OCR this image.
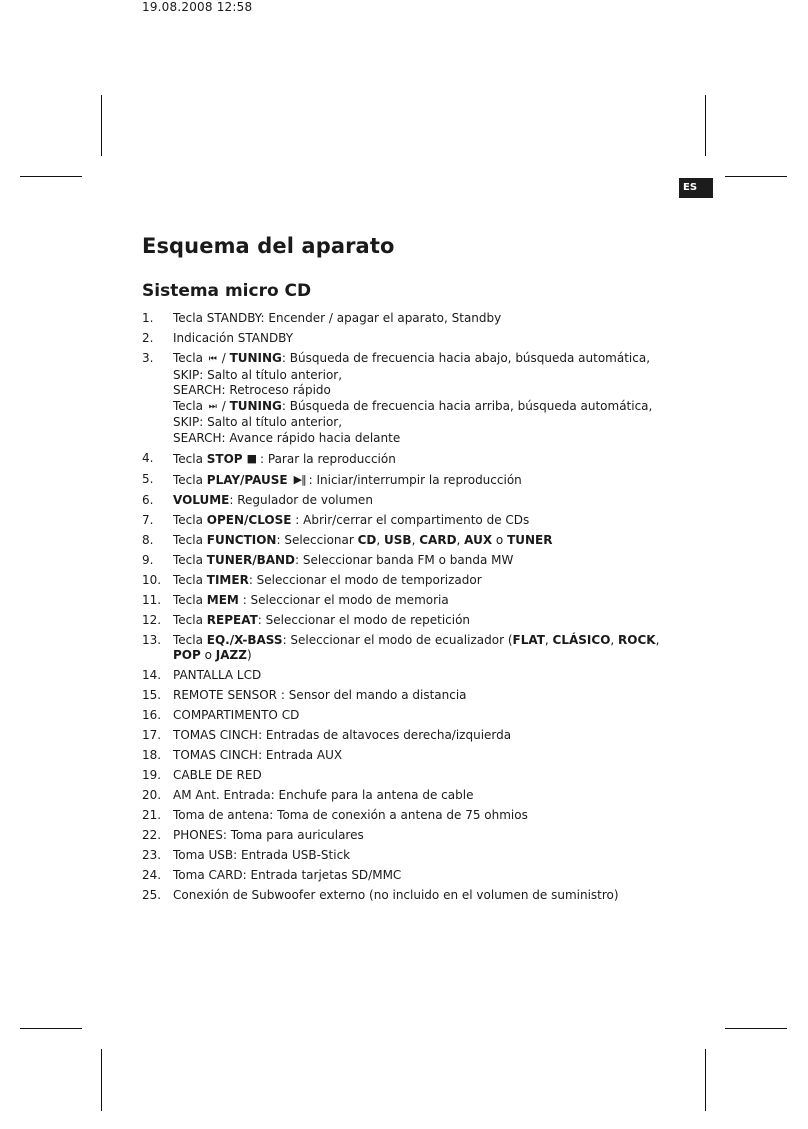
19.08.2008 12:58
ES
Esquema del aparato
Sistema micro CD
1. Tecla STANDBY: Encender / apagar el aparato, Standby
2. Indicación STANDBY
3. Tecla ⏮ / TUNING: Búsqueda de frecuencia hacia abajo, búsqueda automática,
SKIP: Salto al título anterior,
SEARCH: Retroceso rápido
Tecla ⏭ / TUNING: Búsqueda de frecuencia hacia arriba, búsqueda automática,
SKIP: Salto al título anterior,
SEARCH: Avance rápido hacia delante
4. Tecla STOP ■ : Parar la reproducción
5. Tecla PLAY/PAUSE ▶‖ : Iniciar/interrumpir la reproducción
6. VOLUME: Regulador de volumen
7. Tecla OPEN/CLOSE : Abrir/cerrar el compartimento de CDs
8. Tecla FUNCTION: Seleccionar CD, USB, CARD, AUX o TUNER
9. Tecla TUNER/BAND: Seleccionar banda FM o banda MW
10. Tecla TIMER: Seleccionar el modo de temporizador
11. Tecla MEM : Seleccionar el modo de memoria
12. Tecla REPEAT: Seleccionar el modo de repetición
13. Tecla EQ./X-BASS: Seleccionar el modo de ecualizador (FLAT, CLÁSICO, ROCK,
POP o JAZZ)
14. PANTALLA LCD
15. REMOTE SENSOR : Sensor del mando a distancia
16. COMPARTIMENTO CD
17. TOMAS CINCH: Entradas de altavoces derecha/izquierda
18. TOMAS CINCH: Entrada AUX
19. CABLE DE RED
20. AM Ant. Entrada: Enchufe para la antena de cable
21. Toma de antena: Toma de conexión a antena de 75 ohmios
22. PHONES: Toma para auriculares
23. Toma USB: Entrada USB-Stick
24. Toma CARD: Entrada tarjetas SD/MMC
25. Conexión de Subwoofer externo (no incluido en el volumen de suministro)
